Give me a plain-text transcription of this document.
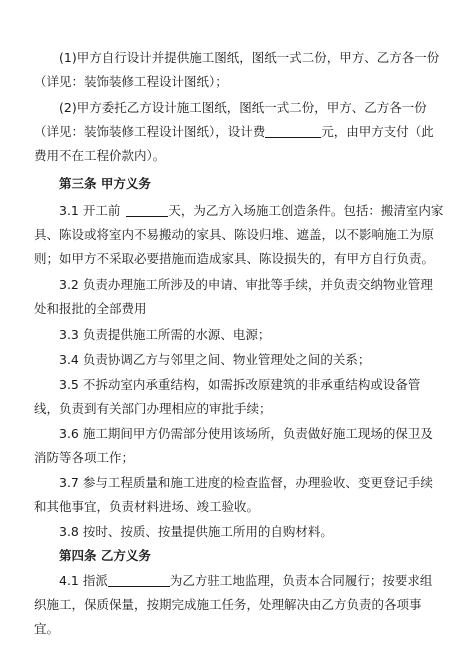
(1)甲方自行设计并提供施工图纸，图纸一式二份，甲方、乙方各一份（详见：装饰装修工程设计图纸）；

(2)甲方委托乙方设计施工图纸，图纸一式二份，甲方、乙方各一份（详见：装饰装修工程设计图纸），设计费	元，由甲方支付（此费用不在工程价款内）。

第三条 甲方义务

3.1 开工前	天，为乙方入场施工创造条件。包括：搬清室内家具、陈设或将室内不易搬动的家具、陈设归堆、遮盖，以不影响施工为原则；如甲方不采取必要措施而造成家具、陈设损失的，有甲方自行负责。

3.2 负责办理施工所涉及的申请、审批等手续，并负责交纳物业管理处和报批的全部费用

3.3 负责提供施工所需的水源、电源；

3.4 负责协调乙方与邻里之间、物业管理处之间的关系；

3.5 不拆动室内承重结构，如需拆改原建筑的非承重结构或设备管线，负责到有关部门办理相应的审批手续；

3.6 施工期间甲方仍需部分使用该场所，负责做好施工现场的保卫及消防等各项工作；

3.7 参与工程质量和施工进度的检查监督，办理验收、变更登记手续和其他事宜，负责材料进场、竣工验收。

3.8 按时、按质、按量提供施工所用的自购材料。

第四条 乙方义务

4.1 指派	为乙方驻工地监理，负责本合同履行；按要求组织施工，保质保量，按期完成施工任务，处理解决由乙方负责的各项事宜。
